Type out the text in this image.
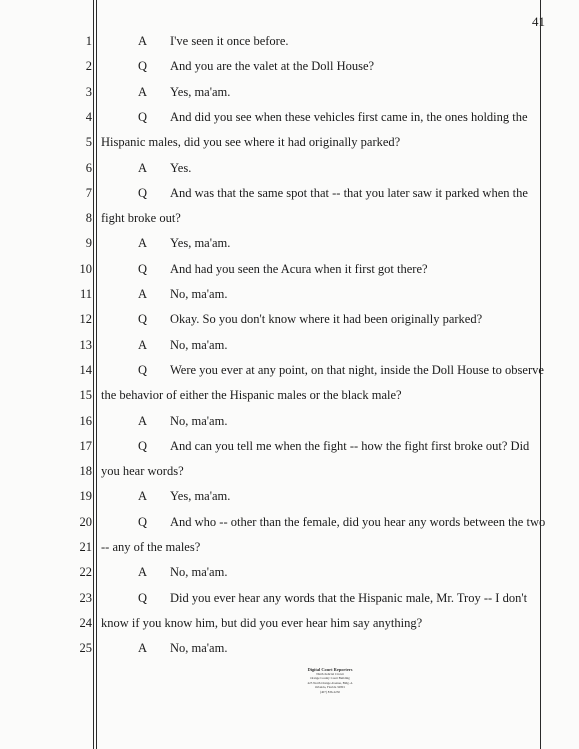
41
1	A I've seen it once before.
2	Q And you are the valet at the Doll House?
3	A Yes, ma'am.
4	Q And did you see when these vehicles first came in, the ones holding the
5 Hispanic males, did you see where it had originally parked?
6	A Yes.
7	Q And was that the same spot that -- that you later saw it parked when the
8 fight broke out?
9	A Yes, ma'am.
10	Q And had you seen the Acura when it first got there?
11	A No, ma'am.
12	Q Okay. So you don't know where it had been originally parked?
13	A No, ma'am.
14	Q Were you ever at any point, on that night, inside the Doll House to observe
15 the behavior of either the Hispanic males or the black male?
16	A No, ma'am.
17	Q And can you tell me when the fight -- how the fight first broke out? Did
18 you hear words?
19	A Yes, ma'am.
20	Q And who -- other than the female, did you hear any words between the two
21 -- any of the males?
22	A No, ma'am.
23	Q Did you ever hear any words that the Hispanic male, Mr. Troy -- I don't
24 know if you know him, but did you ever hear him say anything?
25	A No, ma'am.
Digital Court Reporters
Ninth Judicial Circuit
Orange County Court Building
425 North Orange Avenue, Bldg. A
Orlando, Florida 32801
(407) 836-2230
